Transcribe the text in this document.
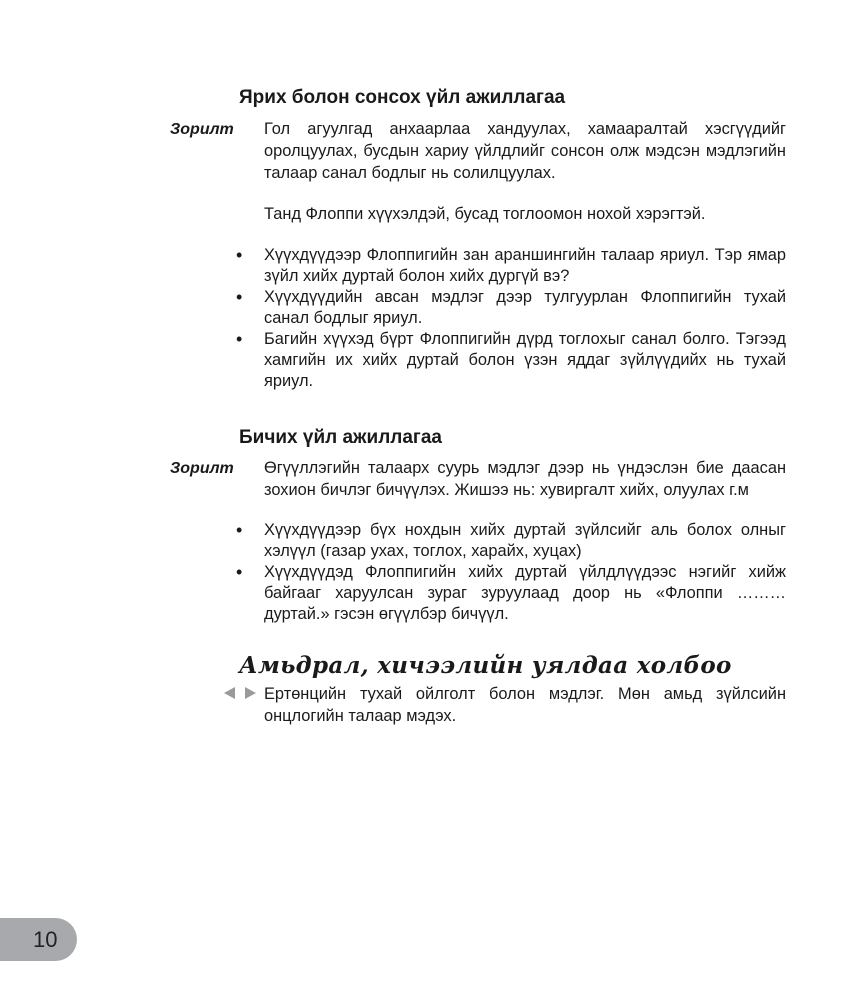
Ярих болон сонсох үйл ажиллагаа
Зорилт Гол агуулгад анхаарлаа хандуулах, хамааралтай хэсгүүдийг оролцуулах, бусдын хариу үйлдлийг сонсон олж мэдсэн мэдлэгийн талаар санал бодлыг нь солилцуулах.

Танд Флоппи хүүхэлдэй, бусад тоглоомон нохой хэрэгтэй.

• Хүүхдүүдээр Флоппигийн зан араншингийн талаар яриул. Тэр ямар зүйл хийх дуртай болон хийх дургүй вэ?
• Хүүхдүүдийн авсан мэдлэг дээр тулгуурлан Флоппигийн тухай санал бодлыг яриул.
• Багийн хүүхэд бүрт Флоппигийн дүрд тоглохыг санал болго. Тэгээд хамгийн их хийх дуртай болон үзэн яддаг зүйлүүдийх нь тухай яриул.
Бичих үйл ажиллагаа
Зорилт Өгүүллэгийн талаарх суурь мэдлэг дээр нь үндэслэн бие даасан зохион бичлэг бичүүлэх. Жишээ нь: хувиргалт хийх, олуулах г.м

• Хүүхдүүдээр бүх нохдын хийх дуртай зүйлсийг аль болох олныг хэлүүл (газар ухах, тоглох, харайх, хуцах)
• Хүүхдүүдэд Флоппигийн хийх дуртай үйлдлүүдээс нэгийг хийж байгааг харуулсан зураг зуруулаад доор нь «Флоппи ……… дуртай.» гэсэн өгүүлбэр бичүүл.
Амьдрал, хичээлийн уялдаа холбоо

Ертөнцийн тухай ойлголт болон мэдлэг. Мөн амьд зүйлсийн онцлогийн талаар мэдэх.

10
